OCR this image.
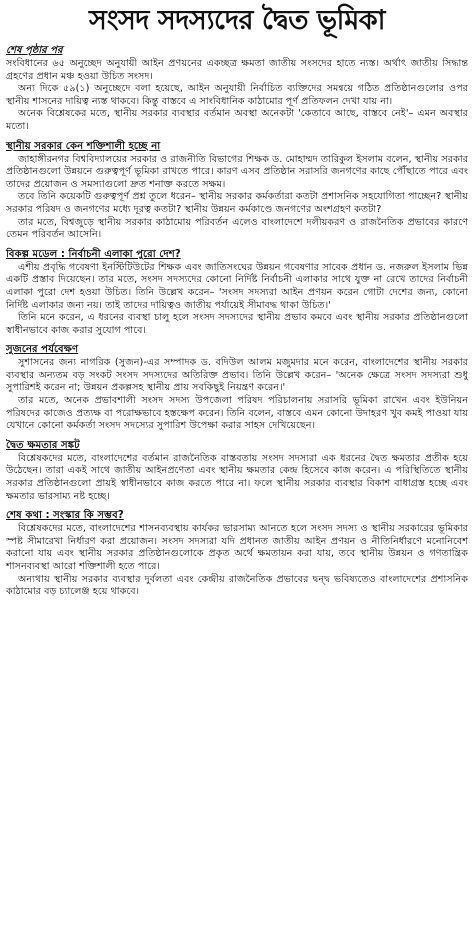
সংসদ সদস্যদের দ্বৈত ভূমিকা
শেষ পৃষ্ঠার পর

সংবিধানের ৬৫ অনুচ্ছেদ অনুযায়ী আইন প্রণয়নের একচ্ছত্র ক্ষমতা জাতীয় সংসদের হাতে ন্যস্ত। অর্থাৎ জাতীয় সিদ্ধান্ত গ্রহণের প্রধান মঞ্চ হওয়া উচিত সংসদ।

অন্য দিকে ৫৯(১) অনুচ্ছেদে বলা হয়েছে, আইন অনুযায়ী নির্বাচিত ব্যক্তিদের সমন্বয়ে গঠিত প্রতিষ্ঠানগুলোর ওপর স্থানীয় শাসনের দায়িত্ব ন্যস্ত থাকবে। কিন্তু বাস্তবে এ সাংবিধানিক কাঠামোর পূর্ণ প্রতিফলন দেখা যায় না।

অনেক বিশ্লেষকের মতে, স্থানীয় সরকার ব্যবস্থার বর্তমান অবস্থা অনেকটা 'কেতাবে আছে, বাস্তবে নেই'– এমন অবস্থার মতো।

স্থানীয় সরকার কেন শক্তিশালী হচ্ছে না

জাহাঙ্গীরনগর বিশ্ববিদ্যালয়ের সরকার ও রাজনীতি বিভাগের শিক্ষক ড. মোহাম্মদ তারিকুল ইসলাম বলেন, স্থানীয় সরকার প্রতিষ্ঠানগুলো উন্নয়নে গুরুত্বপূর্ণ ভূমিকা রাখতে পারে। কারণ এসব প্রতিষ্ঠান সরাসরি জনগণের কাছে পৌঁছাতে পারে এবং তাদের প্রয়োজন ও সমস্যাগুলো দ্রুত শনাক্ত করতে সক্ষম।

তবে তিনি কয়েকটি গুরুত্বপূর্ণ প্রশ্ন তুলে ধরেন– স্থানীয় সরকার কর্মকর্তারা কতটা প্রশাসনিক সহযোগিতা পাচ্ছেন? স্থানীয় সরকার পরিষদ ও জনগণের মধ্যে দূরত্ব কতটা? স্থানীয় উন্নয়ন কর্মকাণ্ডে জনগণের অংশগ্রহণ কতটা?

তার মতে, বিশ্বজুড়ে স্থানীয় সরকার কাঠামোয় পরিবর্তন এলেও বাংলাদেশে দলীয়করণ ও রাজনৈতিক প্রভাবের কারণে তেমন পরিবর্তন আসেনি।

বিকল্প মডেল : নির্বাচনী এলাকা পুরো দেশ?

এশীয় প্রবৃদ্ধি গবেষণা ইনস্টিটিউটের শিক্ষক এবং জাতিসংঘের উন্নয়ন গবেষণার সাবেক প্রধান ড. নজরুল ইসলাম ভিন্ন একটি প্রস্তাব দিয়েছেন। তার মতে, সংসদ সদস্যদের কোনো নির্দিষ্ট নির্বাচনী এলাকার সাথে যুক্ত না রেখে তাদের নির্বাচনী এলাকা পুরো দেশ হওয়া উচিত। তিনি উল্লেখ করেন– 'সংসদ সদস্যরা আইন প্রণয়ন করেন গোটা দেশের জন্য, কোনো নির্দিষ্ট এলাকার জন্য নয়। তাই তাদের দায়িত্বও জাতীয় পর্যায়েই সীমাবদ্ধ থাকা উচিত।'

তিনি মনে করেন, এ ধরনের ব্যবস্থা চালু হলে সংসদ সদস্যদের স্থানীয় প্রভাব কমবে এবং স্থানীয় সরকার প্রতিষ্ঠানগুলো স্বাধীনভাবে কাজ করার সুযোগ পাবে।

সুজনের পর্যবেক্ষণ

সুশাসনের জন্য নাগরিক (সুজন)-এর সম্পাদক ড. বদিউল আলম মজুমদার মনে করেন, বাংলাদেশের স্থানীয় সরকার ব্যবস্থার অন্যতম বড় সংকট সংসদ সদস্যদের অতিরিক্ত প্রভাব। তিনি উল্লেখ করেন– 'অনেক ক্ষেত্রে সংসদ সদস্যরা শুধু সুপারিশই করেন না; উন্নয়ন প্রকল্পসহ স্থানীয় প্রায় সবকিছুই নিয়ন্ত্রণ করেন।'

তার মতে, অনেক প্রভাবশালী সংসদ সদস্য উপজেলা পরিষদ পরিচালনায় সরাসরি ভূমিকা রাখেন এবং ইউনিয়ন পরিষদের কাজেও প্রত্যক্ষ বা পরোক্ষভাবে হস্তক্ষেপ করেন। তিনি বলেন, বাস্তবে এমন কোনো উদাহরণ খুব কমই পাওয়া যায় যেখানে কোনো কর্মকর্তা সংসদ সদস্যের সুপারিশ উপেক্ষা করার সাহস দেখিয়েছেন।

দ্বৈত ক্ষমতার সঙ্কট

বিশ্লেষকদের মতে, বাংলাদেশের বর্তমান রাজনৈতিক বাস্তবতায় সংসদ সদস্যরা এক ধরনের দ্বৈত ক্ষমতার প্রতীক হয়ে উঠেছেন। তারা একই সাথে জাতীয় আইনপ্রণেতা এবং স্থানীয় ক্ষমতার কেন্দ্র হিসেবে কাজ করেন। এ পরিস্থিতিতে স্থানীয় সরকার প্রতিষ্ঠানগুলো প্রায়ই স্বাধীনভাবে কাজ করতে পারে না। ফলে স্থানীয় সরকার ব্যবস্থার বিকাশ বাধাগ্রস্ত হচ্ছে এবং ক্ষমতার ভারসাম্য নষ্ট হচ্ছে।

শেষ কথা : সংস্কার কি সম্ভব?

বিশ্লেষকদের মতে, বাংলাদেশের শাসনব্যবস্থায় কার্যকর ভারসাম্য আনতে হলে সংসদ সদস্য ও স্থানীয় সরকারের ভূমিকার স্পষ্ট সীমারেখা নির্ধারণ করা প্রয়োজন। সংসদ সদস্যরা যদি প্রধানত জাতীয় আইন প্রণয়ন ও নীতিনির্ধারণে মনোনিবেশ করানো যায় এবং স্থানীয় সরকার প্রতিষ্ঠানগুলোকে প্রকৃত অর্থে ক্ষমতায়ন করা যায়, তবে স্থানীয় উন্নয়ন ও গণতান্ত্রিক শাসনব্যবস্থা আরো শক্তিশালী হতে পারে।

অন্যথায় স্থানীয় সরকার ব্যবস্থার দুর্বলতা এবং কেন্দ্রীয় রাজনৈতিক প্রভাবের দ্বন্দ্ব ভবিষ্যতেও বাংলাদেশের প্রশাসনিক কাঠামোর বড় চ্যালেঞ্জ হয়ে থাকবে।
